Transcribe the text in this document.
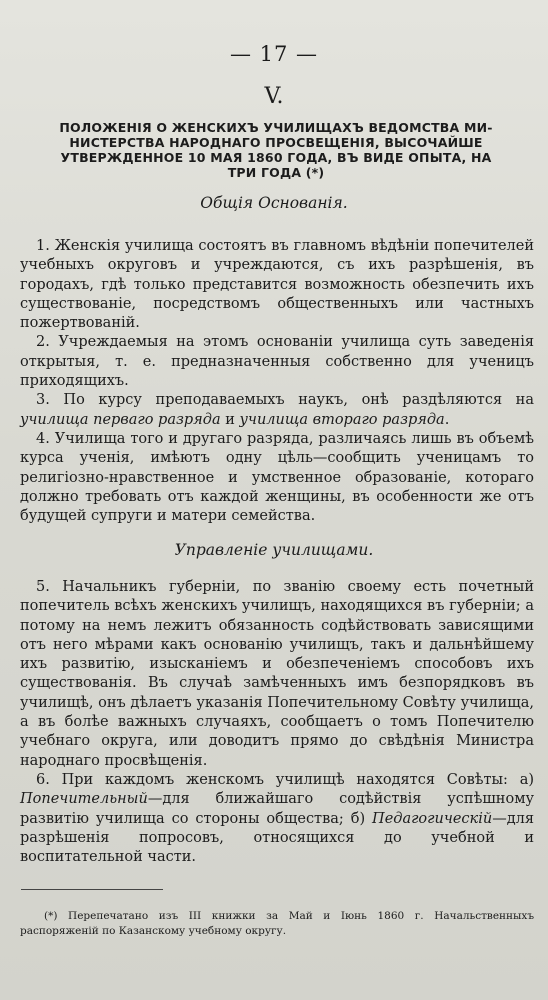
— 17 —
V.
ПОЛОЖЕНІЯ О ЖЕНСКИХЪ УЧИЛИЩАХЪ ВЕДОМСТВА МИ-
НИСТЕРСТВА НАРОДНАГО ПРОСВЕЩЕНІЯ, ВЫСОЧАЙШЕ
УТВЕРЖДЕННОЕ 10 МАЯ 1860 ГОДА, ВЪ ВИДЕ ОПЫТА, НА
ТРИ ГОДА (*)
Общія Основанія.

1. Женскія училища состоятъ въ главномъ вѣдѣніи попечителей учебныхъ округовъ и учреждаются, съ ихъ разрѣшенія, въ городахъ, гдѣ только представится возможность обезпечить ихъ существованіе, посредствомъ общественныхъ или частныхъ пожертвованій.

2. Учреждаемыя на этомъ основаніи училища суть заведенія открытыя, т. е. предназначенныя собственно для ученицъ приходящихъ.

3. По курсу преподаваемыхъ наукъ, онѣ раздѣляются на училища перваго разряда и училища втораго разряда.

4. Училища того и другаго разряда, различаясь лишь въ объемѣ курса ученія, имѣютъ одну цѣль—сообщить ученицамъ то религіозно-нравственное и умственное образованіе, котораго должно требовать отъ каждой женщины, въ особенности же отъ будущей супруги и матери семейства.

Управленіе училищами.

5. Начальникъ губерніи, по званію своему есть почетный попечитель всѣхъ женскихъ училищъ, находящихся въ губерніи; а потому на немъ лежитъ обязанность содѣйствовать зависящими отъ него мѣрами какъ основанію училищъ, такъ и дальнѣйшему ихъ развитію, изысканіемъ и обезпеченіемъ способовъ ихъ существованія. Въ случаѣ замѣченныхъ имъ безпорядковъ въ училищѣ, онъ дѣлаетъ указанія Попечительному Совѣту училища, а въ болѣе важныхъ случаяхъ, сообщаетъ о томъ Попечителю учебнаго округа, или доводитъ прямо до свѣдѣнія Министра народнаго просвѣщенія.

6. При каждомъ женскомъ училищѣ находятся Совѣты: а) Попечительный—для ближайшаго содѣйствія успѣшному развитію училища со стороны общества; б) Педагогическій—для разрѣшенія попросовъ, относящихся до учебной и воспитательной части.

(*) Перепечатано изъ III книжки за Май и Іюнь 1860 г. Начальственныхъ распоряженій по Казанскому учебному округу.
